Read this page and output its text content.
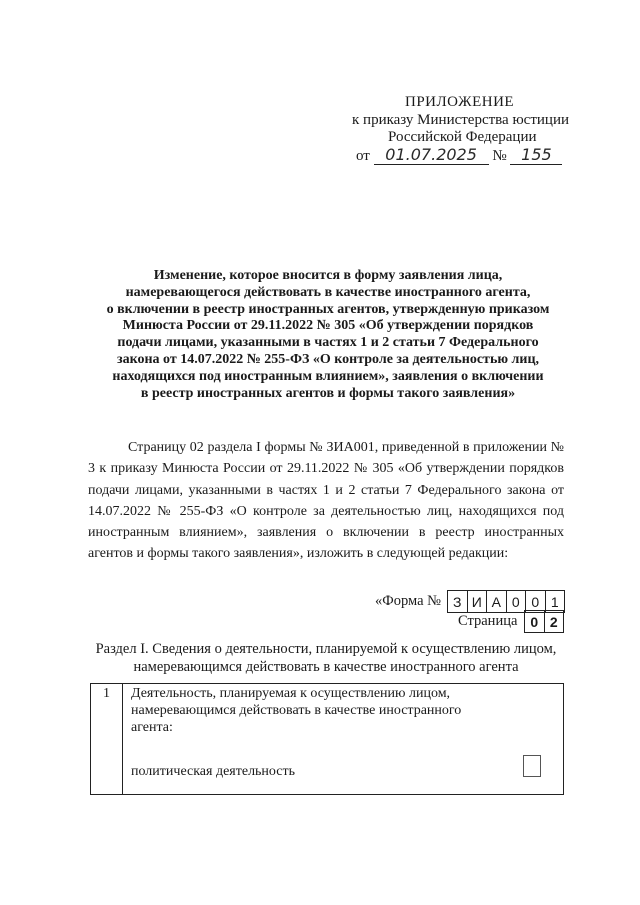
ПРИЛОЖЕНИЕ
к приказу Министерства юстиции
Российской Федерации
от 01.07.2025 № 155
Изменение, которое вносится в форму заявления лица,
намеревающегося действовать в качестве иностранного агента,
о включении в реестр иностранных агентов, утвержденную приказом
Минюста России от 29.11.2022 № 305 «Об утверждении порядков
подачи лицами, указанными в частях 1 и 2 статьи 7 Федерального
закона от 14.07.2022 № 255-ФЗ «О контроле за деятельностью лиц,
находящихся под иностранным влиянием», заявления о включении
в реестр иностранных агентов и формы такого заявления»
Страницу 02 раздела I формы № ЗИА001, приведенной в приложении № 3 к приказу Минюста России от 29.11.2022 № 305 «Об утверждении порядков подачи лицами, указанными в частях 1 и 2 статьи 7 Федерального закона от 14.07.2022 № 255-ФЗ «О контроле за деятельностью лиц, находящихся под иностранным влиянием», заявления о включении в реестр иностранных агентов и формы такого заявления», изложить в следующей редакции:
«Форма № З И А 0 0 1
Страница 0 2
Раздел I. Сведения о деятельности, планируемой к осуществлению лицом,
намеревающимся действовать в качестве иностранного агента
1	Деятельность, планируемая к осуществлению лицом,
намеревающимся действовать в качестве иностранного
агента:
политическая деятельность
